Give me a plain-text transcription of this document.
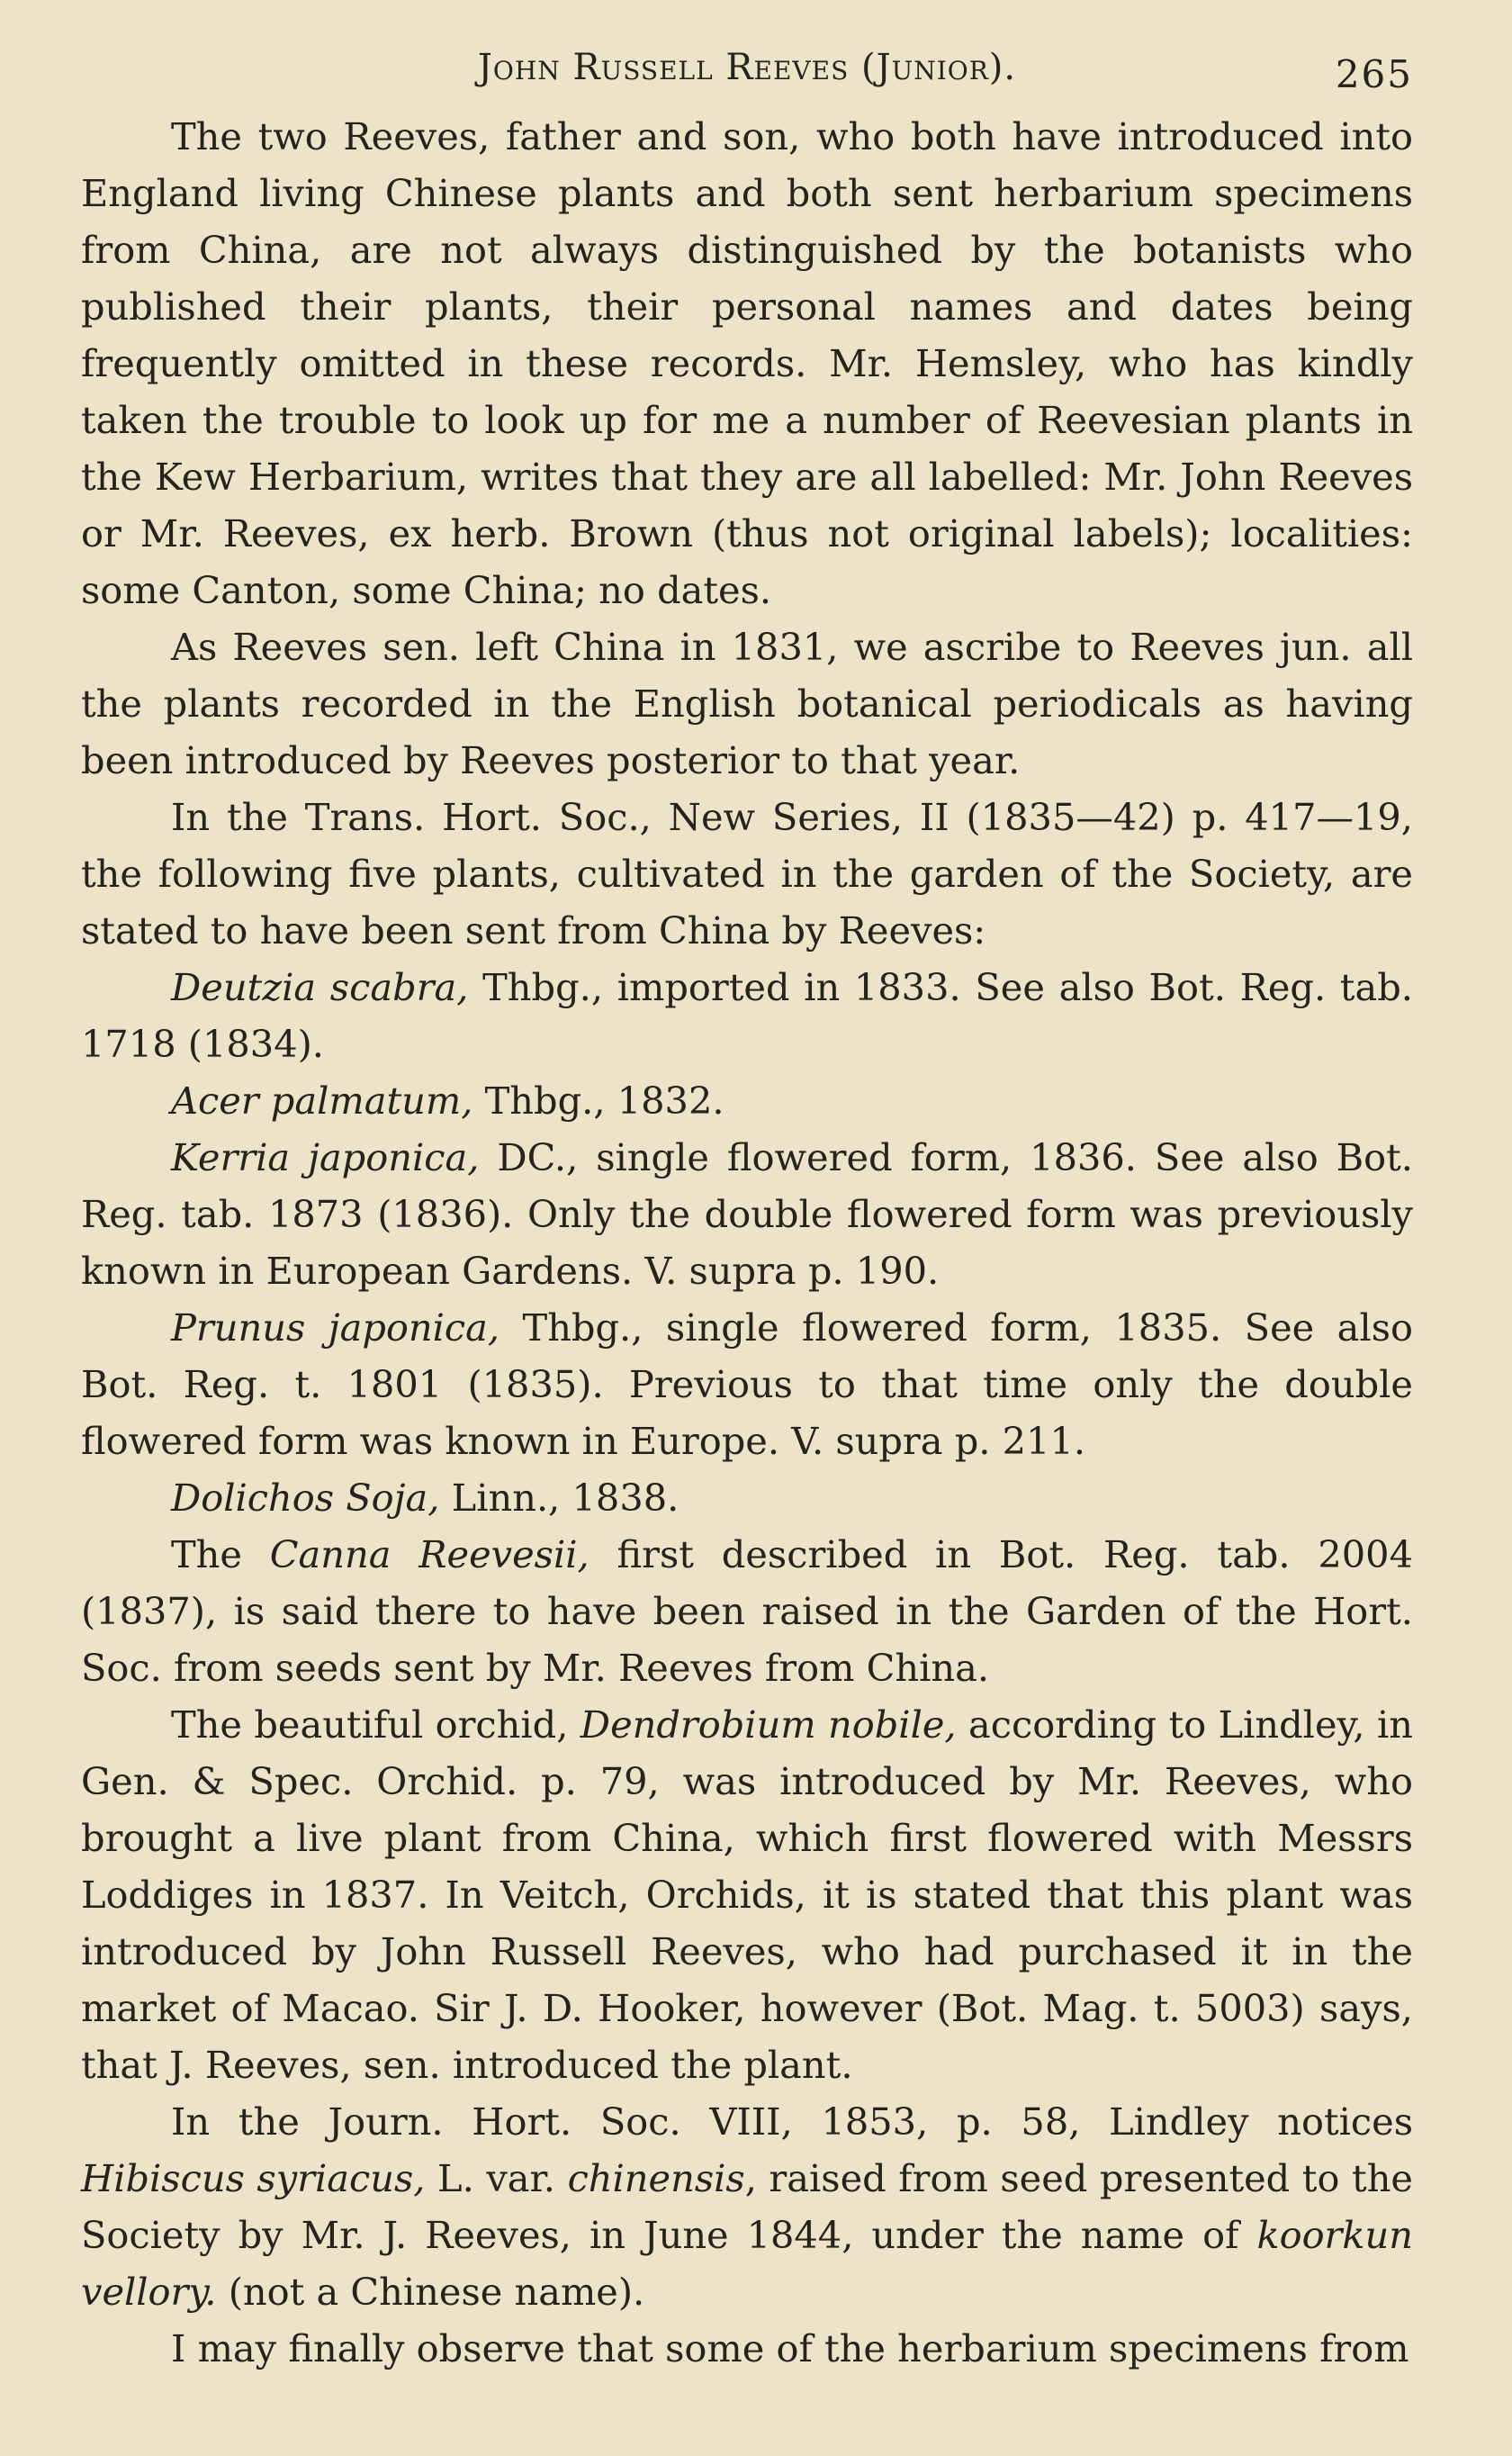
John Russell Reeves (Junior).	265

The two Reeves, father and son, who both have introduced into England living Chinese plants and both sent herbarium specimens from China, are not always distinguished by the botanists who published their plants, their personal names and dates being frequently omitted in these records. Mr. Hemsley, who has kindly taken the trouble to look up for me a number of Reevesian plants in the Kew Herbarium, writes that they are all labelled: Mr. John Reeves or Mr. Reeves, ex herb. Brown (thus not original labels); localities: some Canton, some China; no dates.

As Reeves sen. left China in 1831, we ascribe to Reeves jun. all the plants recorded in the English botanical periodicals as having been introduced by Reeves posterior to that year.

In the Trans. Hort. Soc., New Series, II (1835—42) p. 417—19, the following five plants, cultivated in the garden of the Society, are stated to have been sent from China by Reeves:

Deutzia scabra, Thbg., imported in 1833. See also Bot. Reg. tab. 1718 (1834).

Acer palmatum, Thbg., 1832.

Kerria japonica, DC., single flowered form, 1836. See also Bot. Reg. tab. 1873 (1836). Only the double flowered form was previously known in European Gardens. V. supra p. 190.

Prunus japonica, Thbg., single flowered form, 1835. See also Bot. Reg. t. 1801 (1835). Previous to that time only the double flowered form was known in Europe. V. supra p. 211.

Dolichos Soja, Linn., 1838.

The Canna Reevesii, first described in Bot. Reg. tab. 2004 (1837), is said there to have been raised in the Garden of the Hort. Soc. from seeds sent by Mr. Reeves from China.

The beautiful orchid, Dendrobium nobile, according to Lindley, in Gen. & Spec. Orchid. p. 79, was introduced by Mr. Reeves, who brought a live plant from China, which first flowered with Messrs Loddiges in 1837. In Veitch, Orchids, it is stated that this plant was introduced by John Russell Reeves, who had purchased it in the market of Macao. Sir J. D. Hooker, however (Bot. Mag. t. 5003) says, that J. Reeves, sen. introduced the plant.

In the Journ. Hort. Soc. VIII, 1853, p. 58, Lindley notices Hibiscus syriacus, L. var. chinensis, raised from seed presented to the Society by Mr. J. Reeves, in June 1844, under the name of koorkun vellory. (not a Chinese name).

I may finally observe that some of the herbarium specimens from
